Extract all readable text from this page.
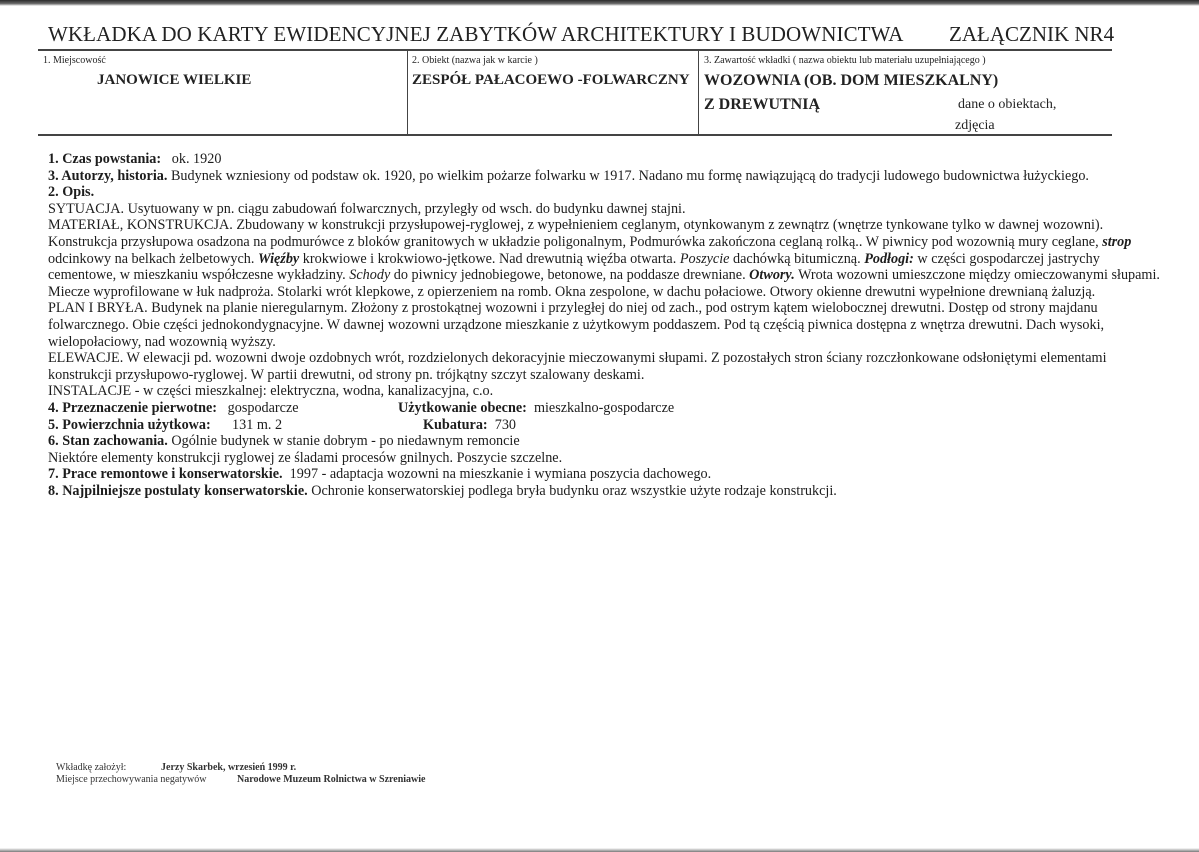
WKŁADKA DO KARTY EWIDENCYJNEJ ZABYTKÓW ARCHITEKTURY I BUDOWNICTWA ZAŁĄCZNIK NR4
1. Miejscowość
JANOWICE WIELKIE
2. Obiekt (nazwa jak w karcie )
ZESPÓŁ PAŁACOEWO -FOLWARCZNY
3. Zawartość wkładki ( nazwa obiektu lub materiału uzupełniającego )
WOZOWNIA (OB. DOM MIESZKALNY)
Z DREWUTNIĄ	dane o obiektach,
zdjęcia

1. Czas powstania: ok. 1920

3. Autorzy, historia. Budynek wzniesiony od podstaw ok. 1920, po wielkim pożarze folwarku w 1917. Nadano mu formę nawiązującą do tradycji ludowego budownictwa łużyckiego.

2. Opis.

SYTUACJA. Usytuowany w pn. ciągu zabudowań folwarcznych, przyległy od wsch. do budynku dawnej stajni.

MATERIAŁ, KONSTRUKCJA. Zbudowany w konstrukcji przysłupowej-ryglowej, z wypełnieniem ceglanym, otynkowanym z zewnątrz (wnętrze tynkowane tylko w dawnej wozowni). Konstrukcja przysłupowa osadzona na podmurówce z bloków granitowych w układzie poligonalnym, Podmurówka zakończona ceglaną rolką.. W piwnicy pod wozownią mury ceglane, strop odcinkowy na belkach żelbetowych. Więźby krokwiowe i krokwiowo-jętkowe. Nad drewutnią więźba otwarta. Poszycie dachówką bitumiczną. Podłogi: w części gospodarczej jastrychy cementowe, w mieszkaniu współczesne wykładziny. Schody do piwnicy jednobiegowe, betonowe, na poddasze drewniane. Otwory. Wrota wozowni umieszczone między omieczowanymi słupami. Miecze wyprofilowane w łuk nadproża. Stolarki wrót klepkowe, z opierzeniem na romb. Okna zespolone, w dachu połaciowe. Otwory okienne drewutni wypełnione drewnianą żaluzją.

PLAN I BRYŁA. Budynek na planie nieregularnym. Złożony z prostokątnej wozowni i przyległej do niej od zach., pod ostrym kątem wielobocznej drewutni. Dostęp od strony majdanu folwarcznego. Obie części jednokondygnacyjne. W dawnej wozowni urządzone mieszkanie z użytkowym poddaszem. Pod tą częścią piwnica dostępna z wnętrza drewutni. Dach wysoki, wielopołaciowy, nad wozownią wyższy.

ELEWACJE. W elewacji pd. wozowni dwoje ozdobnych wrót, rozdzielonych dekoracyjnie mieczowanymi słupami. Z pozostałych stron ściany rozczłonkowane odsłoniętymi elementami konstrukcji przysłupowo-ryglowej. W partii drewutni, od strony pn. trójkątny szczyt szalowany deskami.

INSTALACJE - w części mieszkalnej: elektryczna, wodna, kanalizacyjna, c.o.

4. Przeznaczenie pierwotne: gospodarcze	Użytkowanie obecne: mieszkalno-gospodarcze

5. Powierzchnia użytkowa: 131 m. 2	Kubatura: 730

6. Stan zachowania. Ogólnie budynek w stanie dobrym - po niedawnym remoncie

Niektóre elementy konstrukcji ryglowej ze śladami procesów gnilnych. Poszycie szczelne.

7. Prace remontowe i konserwatorskie. 1997 - adaptacja wozowni na mieszkanie i wymiana poszycia dachowego.

8. Najpilniejsze postulaty konserwatorskie. Ochronie konserwatorskiej podlega bryła budynku oraz wszystkie użyte rodzaje konstrukcji.

Wkładkę założył:	Jerzy Skarbek, wrzesień 1999 r.
Miejsce przechowywania negatywów	Narodowe Muzeum Rolnictwa w Szreniawie
